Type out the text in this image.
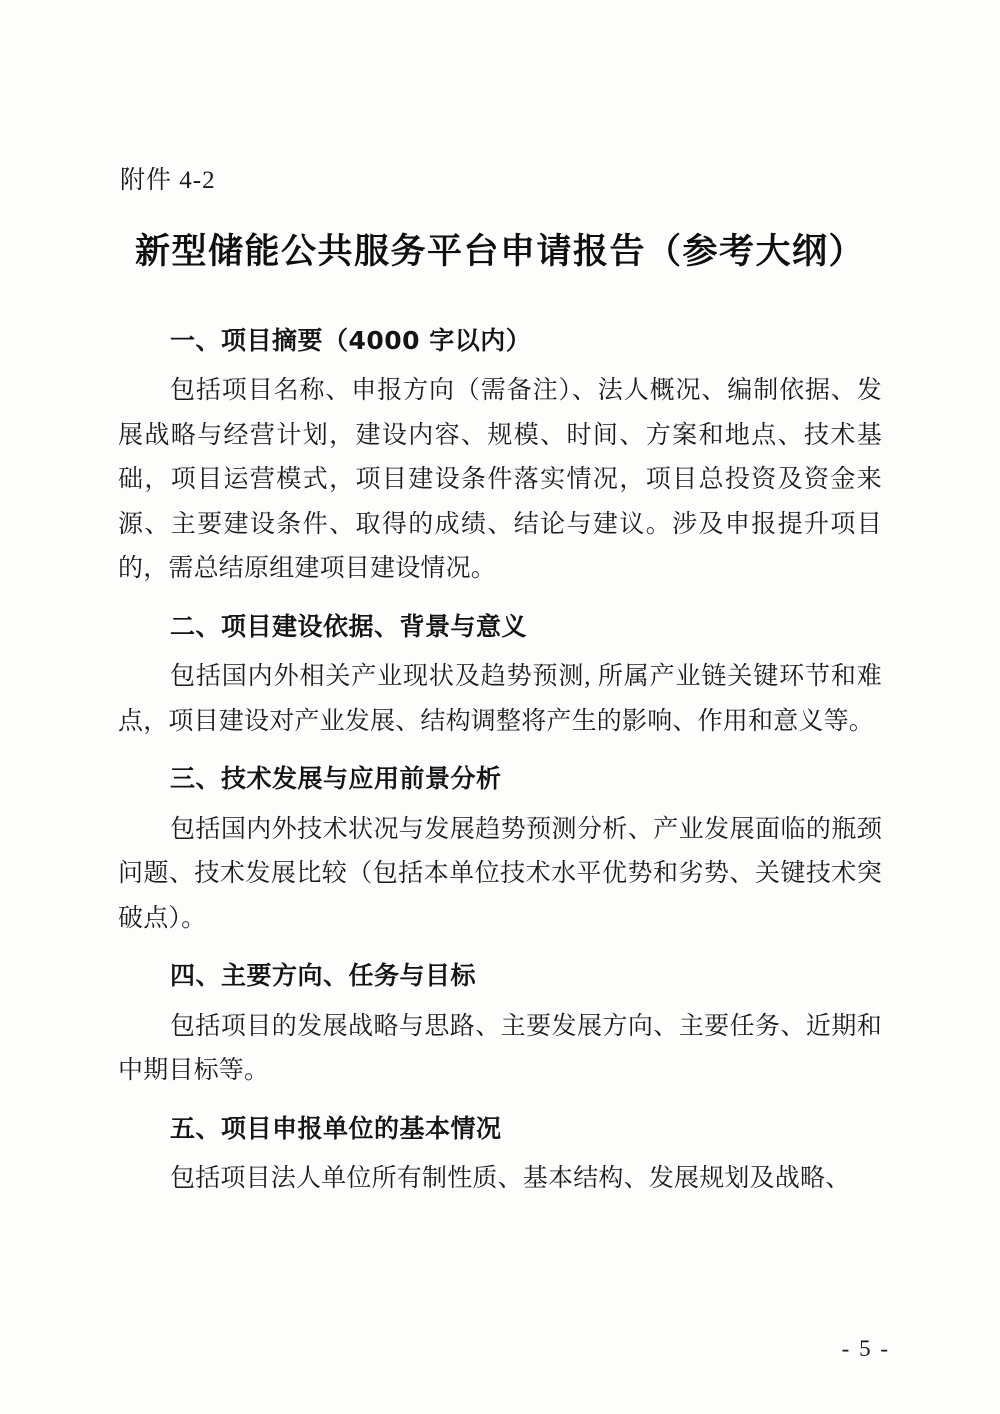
附件 4-2
新型储能公共服务平台申请报告（参考大纲）
一、项目摘要（4000 字以内）

包括项目名称、申报方向（需备注）、法人概况、编制依据、发展战略与经营计划，建设内容、规模、时间、方案和地点、技术基础，项目运营模式，项目建设条件落实情况，项目总投资及资金来源、主要建设条件、取得的成绩、结论与建议。涉及申报提升项目的，需总结原组建项目建设情况。

二、项目建设依据、背景与意义

包括国内外相关产业现状及趋势预测, 所属产业链关键环节和难点，项目建设对产业发展、结构调整将产生的影响、作用和意义等。

三、技术发展与应用前景分析

包括国内外技术状况与发展趋势预测分析、产业发展面临的瓶颈问题、技术发展比较（包括本单位技术水平优势和劣势、关键技术突破点）。

四、主要方向、任务与目标

包括项目的发展战略与思路、主要发展方向、主要任务、近期和中期目标等。

五、项目申报单位的基本情况

包括项目法人单位所有制性质、基本结构、发展规划及战略、

- 5 -
